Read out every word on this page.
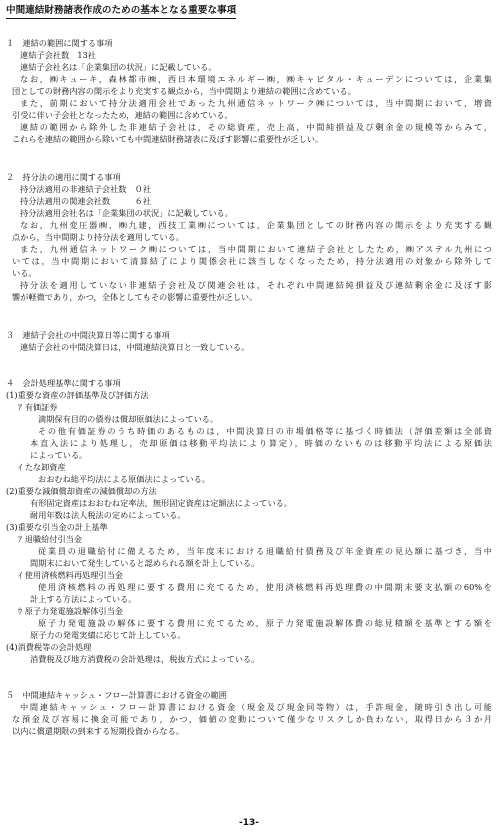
中間連結財務諸表作成のための基本となる重要な事項
１　連結の範囲に関する事項
連結子会社数　13社
連結子会社名は「企業集団の状況」に記載している。
なお，㈱キューキ，森林都市㈱，西日本環境エネルギー㈱，㈱キャピタル・キューデンについては，企業集
団としての財務内容の開示をより充実する観点から，当中間期より連結の範囲に含めている。
また，前期において持分法適用会社であった九州通信ネットワーク㈱については，当中間期において，増資
引受に伴い子会社となったため，連結の範囲に含めている。
連結の範囲から除外した非連結子会社は，その総資産，売上高，中間純損益及び剰余金の規模等からみて，
これらを連結の範囲から除いても中間連結財務諸表に及ぼす影響に重要性が乏しい。
２　持分法の適用に関する事項
持分法適用の非連結子会社数　０社
持分法適用の関連会社数　　　６社
持分法適用会社名は「企業集団の状況」に記載している。
なお，九州変圧器㈱，㈱九建，西技工業㈱については，企業集団としての財務内容の開示をより充実する観
点から，当中間期より持分法を適用している。
また，九州通信ネットワーク㈱については，当中間期において連結子会社としたため，㈱アステル九州につ
いては，当中間期において清算結了により関係会社に該当しなくなったため，持分法適用の対象から除外して
いる。
持分法を適用していない非連結子会社及び関連会社は，それぞれ中間連結純損益及び連結剰余金に及ぼす影
響が軽微であり，かつ，全体としてもその影響に重要性が乏しい。
３　連結子会社の中間決算日等に関する事項
連結子会社の中間決算日は，中間連結決算日と一致している。
４　会計処理基準に関する事項
(1)重要な資産の評価基準及び評価方法
ｱ 有価証券
満期保有目的の債券は償却原価法によっている。
その他有価証券のうち時価のあるものは，中間決算日の市場価格等に基づく時価法（評価差額は全部資
本直入法により処理し，売却原価は移動平均法により算定），時価のないものは移動平均法による原価法
によっている。
ｲ たな卸資産
おおむね総平均法による原価法によっている。
(2)重要な減価償却資産の減価償却の方法
有形固定資産はおおむね定率法，無形固定資産は定額法によっている。
耐用年数は法人税法の定めによっている。
(3)重要な引当金の計上基準
ｱ 退職給付引当金
従業員の退職給付に備えるため，当年度末における退職給付債務及び年金資産の見込額に基づき，当中
間期末において発生していると認められる額を計上している。
ｲ 使用済核燃料再処理引当金
使用済核燃料の再処理に要する費用に充てるため，使用済核燃料再処理費の中間期末要支払額の60%を
計上する方法によっている。
ｳ 原子力発電施設解体引当金
原子力発電施設の解体に要する費用に充てるため，原子力発電施設解体費の総見積額を基準とする額を
原子力の発電実績に応じて計上している。
(4)消費税等の会計処理
消費税及び地方消費税の会計処理は，税抜方式によっている。
５　中間連結キャッシュ・フロー計算書における資金の範囲
中間連結キャッシュ・フロー計算書における資金（現金及び現金同等物）は，手許現金，随時引き出し可能
な預金及び容易に換金可能であり，かつ，価値の変動について僅少なリスクしか負わない，取得日から３か月
以内に償還期限の到来する短期投資からなる。
-13-
